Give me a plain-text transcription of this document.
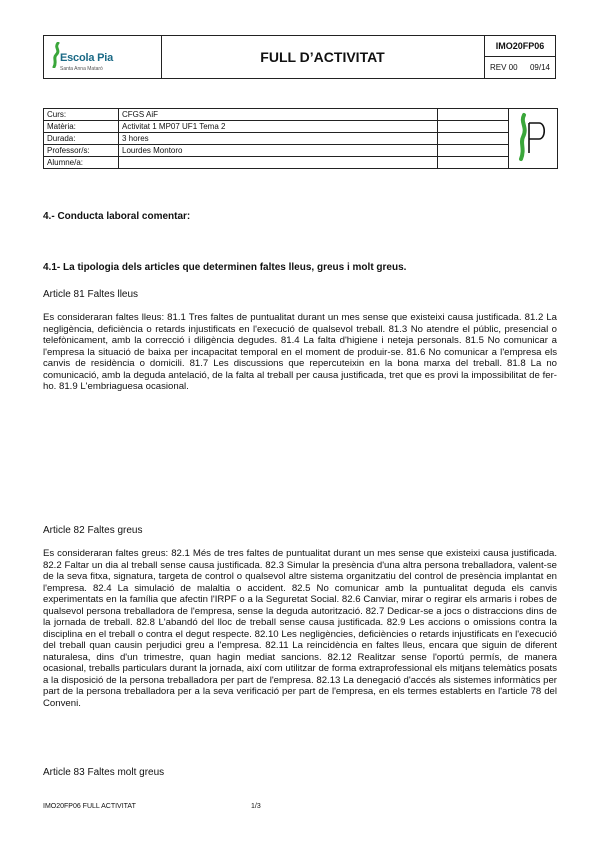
Escola Pia
Santa Anna Mataró
FULL D’ACTIVITAT
IMO20FP06
REV 00 09/14
Curs:	CFGS AiF		
Matèria:	Activitat 1 MP07 UF1 Tema 2		
Durada:	3 hores		
Professor/s:	Lourdes Montoro		
Alumne/a:			
4.- Conducta laboral comentar:
4.1- La tipologia dels articles que determinen faltes lleus, greus i molt greus.
Article 81 Faltes lleus
Es consideraran faltes lleus: 81.1 Tres faltes de puntualitat durant un mes sense que existeixi causa justificada. 81.2 La negligència, deficiència o retards injustificats en l'execució de qualsevol treball. 81.3 No atendre el públic, presencial o telefònicament, amb la correcció i diligència degudes. 81.4 La falta d'higiene i neteja personals. 81.5 No comunicar a l'empresa la situació de baixa per incapacitat temporal en el moment de produir-se. 81.6 No comunicar a l'empresa els canvis de residència o domicili. 81.7 Les discussions que repercuteixin en la bona marxa del treball. 81.8 La no comunicació, amb la deguda antelació, de la falta al treball per causa justificada, tret que es provi la impossibilitat de fer-ho. 81.9 L'embriaguesa ocasional.
Article 82 Faltes greus
Es consideraran faltes greus: 82.1 Més de tres faltes de puntualitat durant un mes sense que existeixi causa justificada. 82.2 Faltar un dia al treball sense causa justificada. 82.3 Simular la presència d'una altra persona treballadora, valent-se de la seva fitxa, signatura, targeta de control o qualsevol altre sistema organitzatiu del control de presència implantat en l'empresa. 82.4 La simulació de malaltia o accident. 82.5 No comunicar amb la puntualitat deguda els canvis experimentats en la família que afectin l'IRPF o a la Seguretat Social. 82.6 Canviar, mirar o regirar els armaris i robes de qualsevol persona treballadora de l'empresa, sense la deguda autorització. 82.7 Dedicar-se a jocs o distraccions dins de la jornada de treball. 82.8 L'abandó del lloc de treball sense causa justificada. 82.9 Les accions o omissions contra la disciplina en el treball o contra el degut respecte. 82.10 Les negligències, deficiències o retards injustificats en l'execució del treball quan causin perjudici greu a l'empresa. 82.11 La reincidència en faltes lleus, encara que siguin de diferent naturalesa, dins d'un trimestre, quan hagin mediat sancions. 82.12 Realitzar sense l'oportú permís, de manera ocasional, treballs particulars durant la jornada, així com utilitzar de forma extraprofessional els mitjans telemàtics posats a la disposició de la persona treballadora per part de l'empresa. 82.13 La denegació d'accés als sistemes informàtics per part de la persona treballadora per a la seva verificació per part de l'empresa, en els termes establerts en l'article 78 del Conveni.
Article 83 Faltes molt greus
IMO20FP06 FULL ACTIVITAT	1/3
